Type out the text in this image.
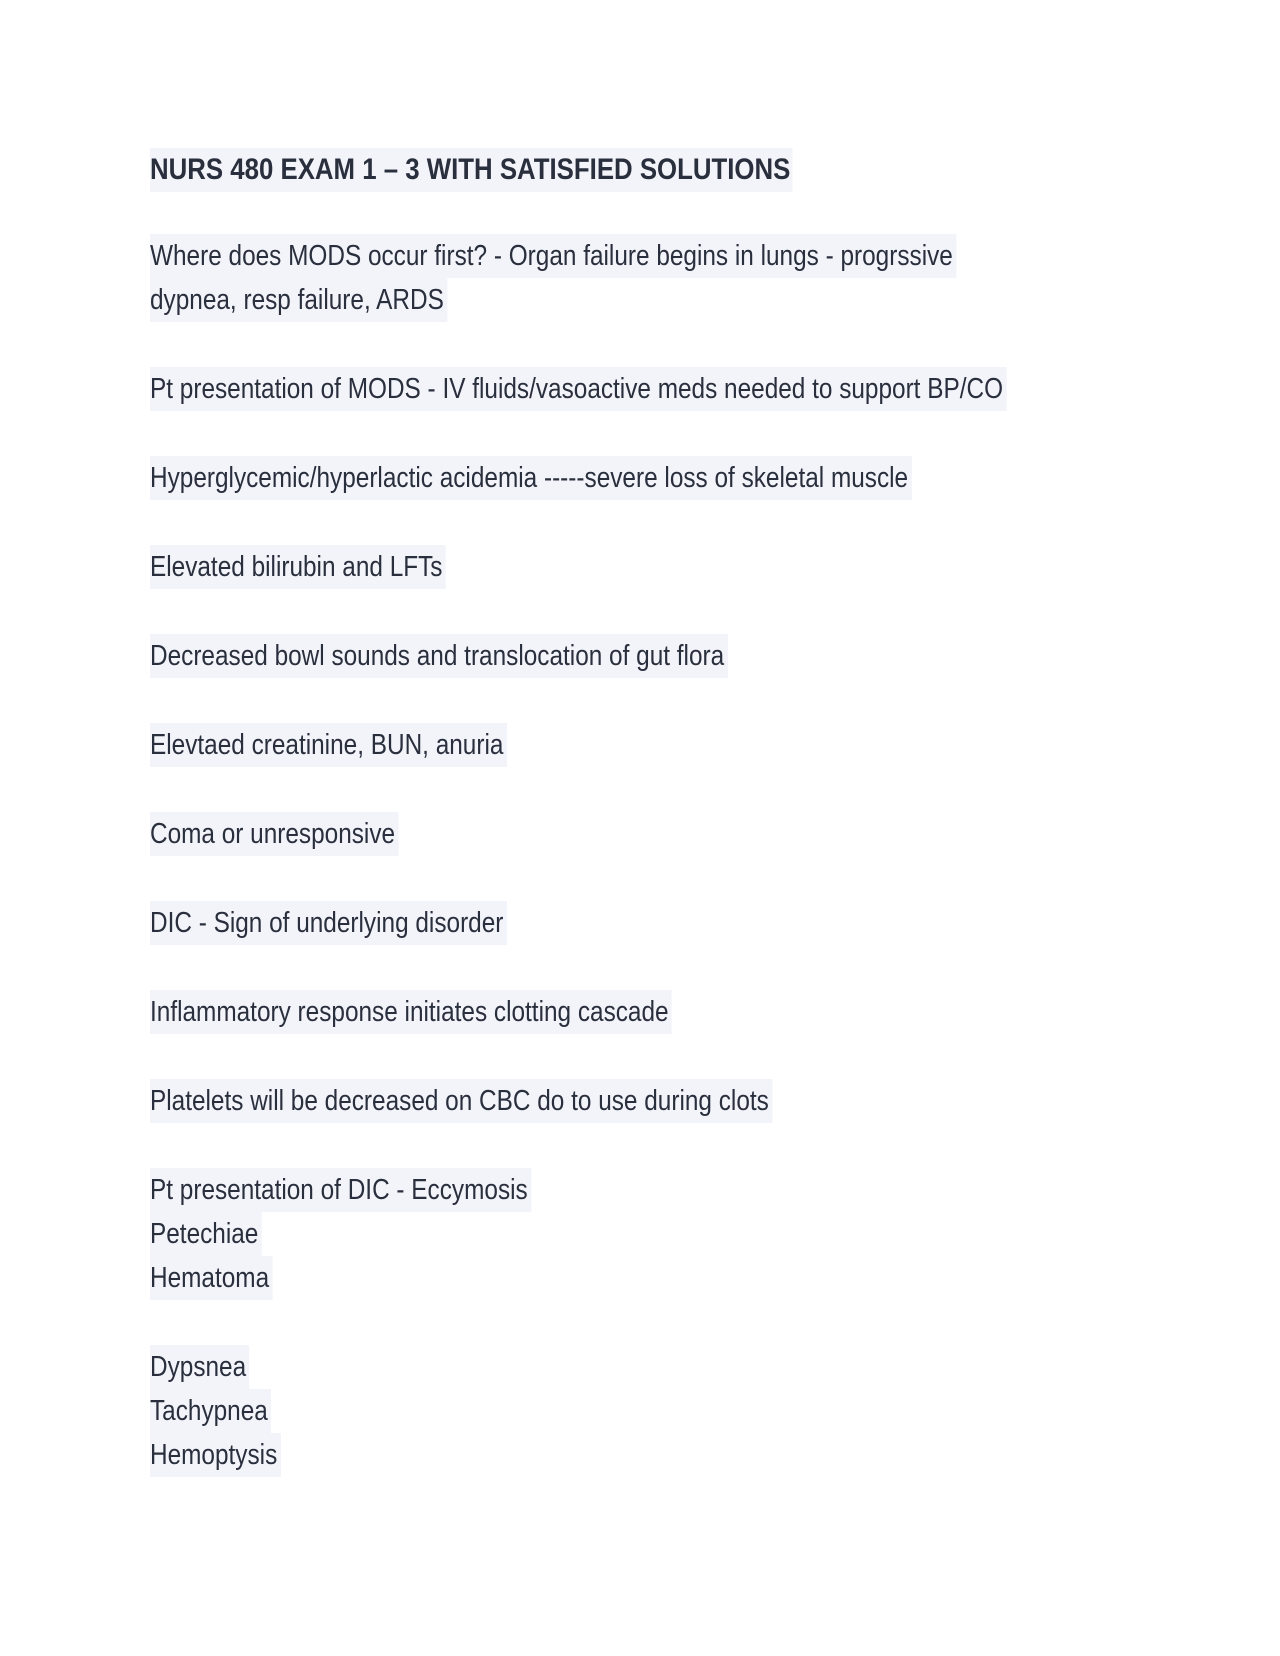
NURS 480 EXAM 1 – 3 WITH SATISFIED SOLUTIONS
Where does MODS occur first? - Organ failure begins in lungs - progrssive
dypnea, resp failure, ARDS
Pt presentation of MODS - IV fluids/vasoactive meds needed to support BP/CO
Hyperglycemic/hyperlactic acidemia -----severe loss of skeletal muscle
Elevated bilirubin and LFTs
Decreased bowl sounds and translocation of gut flora
Elevtaed creatinine, BUN, anuria
Coma or unresponsive
DIC - Sign of underlying disorder
Inflammatory response initiates clotting cascade
Platelets will be decreased on CBC do to use during clots
Pt presentation of DIC - Eccymosis
Petechiae
Hematoma
Dypsnea
Tachypnea
Hemoptysis
